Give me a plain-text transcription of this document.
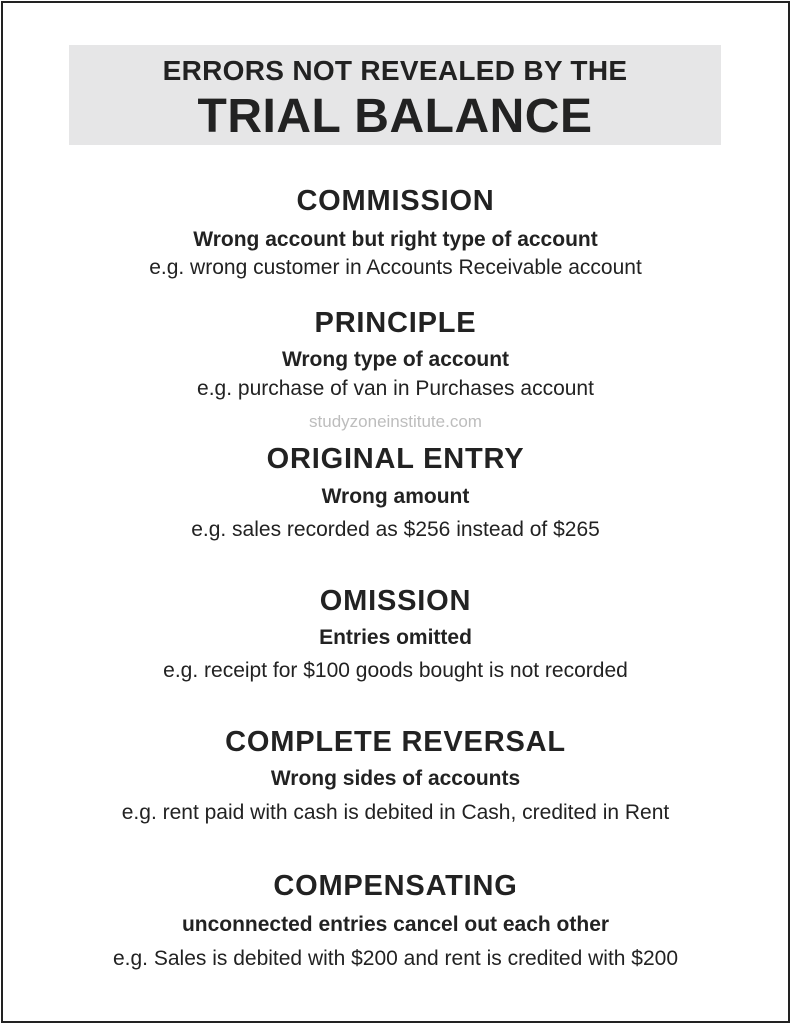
ERRORS NOT REVEALED BY THE
TRIAL BALANCE
COMMISSION
Wrong account but right type of account
e.g. wrong customer in Accounts Receivable account
PRINCIPLE
Wrong type of account
e.g. purchase of van in Purchases account
studyzoneinstitute.com
ORIGINAL ENTRY
Wrong amount
e.g. sales recorded as $256 instead of $265
OMISSION
Entries omitted
e.g. receipt for $100 goods bought is not recorded
COMPLETE REVERSAL
Wrong sides of accounts
e.g. rent paid with cash is debited in Cash, credited in Rent
COMPENSATING
unconnected entries cancel out each other
e.g. Sales is debited with $200 and rent is credited with $200
